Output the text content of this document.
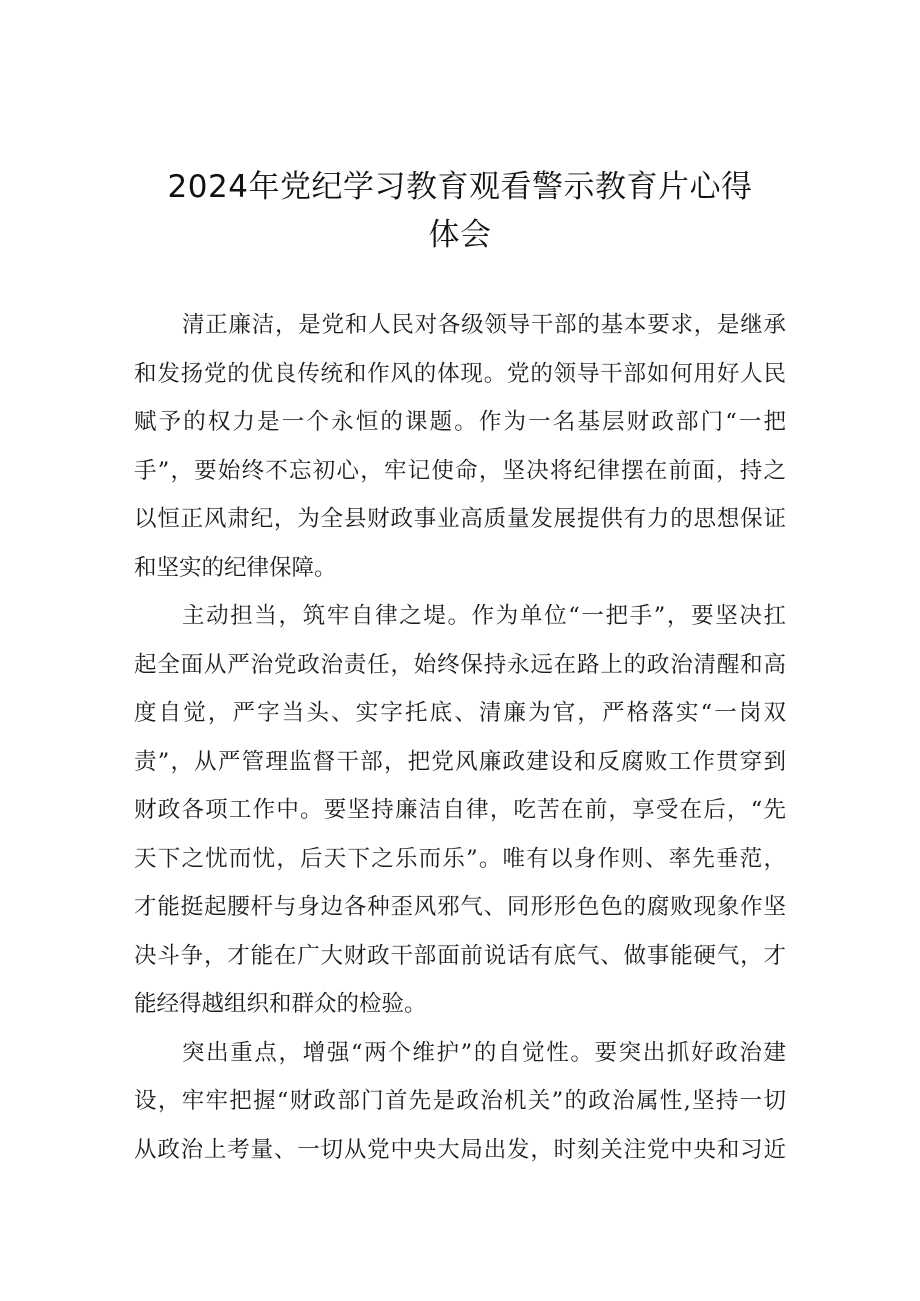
2024年党纪学习教育观看警示教育片心得
体会
清正廉洁，是党和人民对各级领导干部的基本要求，是继承
和发扬党的优良传统和作风的体现。党的领导干部如何用好人民
赋予的权力是一个永恒的课题。作为一名基层财政部门“一把
手”，要始终不忘初心，牢记使命，坚决将纪律摆在前面，持之
以恒正风肃纪，为全县财政事业高质量发展提供有力的思想保证
和坚实的纪律保障。
主动担当，筑牢自律之堤。作为单位“一把手”，要坚决扛
起全面从严治党政治责任，始终保持永远在路上的政治清醒和高
度自觉，严字当头、实字托底、清廉为官，严格落实“一岗双
责”，从严管理监督干部，把党风廉政建设和反腐败工作贯穿到
财政各项工作中。要坚持廉洁自律，吃苦在前，享受在后，“先
天下之忧而忧，后天下之乐而乐”。唯有以身作则、率先垂范，
才能挺起腰杆与身边各种歪风邪气、同形形色色的腐败现象作坚
决斗争，才能在广大财政干部面前说话有底气、做事能硬气，才
能经得越组织和群众的检验。
突出重点，增强“两个维护”的自觉性。要突出抓好政治建
设，牢牢把握“财政部门首先是政治机关”的政治属性,坚持一切
从政治上考量、一切从党中央大局出发，时刻关注党中央和习近
